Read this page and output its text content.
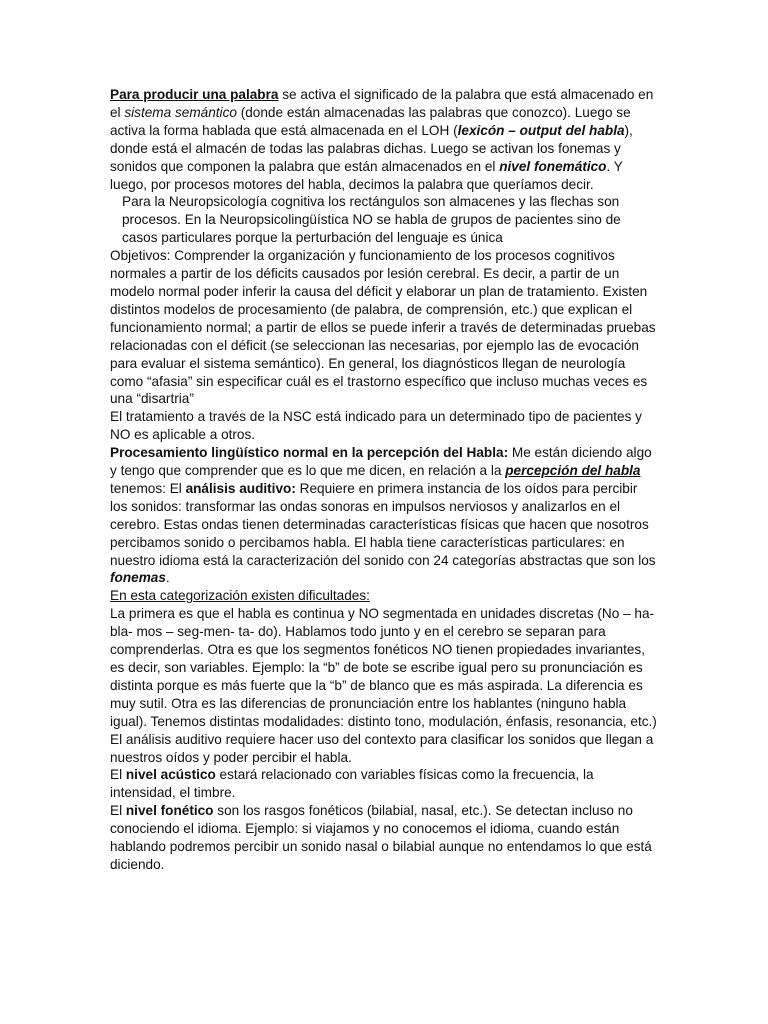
Para producir una palabra se activa el significado de la palabra que está almacenado en el sistema semántico (donde están almacenadas las palabras que conozco). Luego se activa la forma hablada que está almacenada en el LOH (lexicón – output del habla), donde está el almacén de todas las palabras dichas. Luego se activan los fonemas y sonidos que componen la palabra que están almacenados en el nivel fonemático. Y luego, por procesos motores del habla, decimos la palabra que queríamos decir.

Para la Neuropsicología cognitiva los rectángulos son almacenes y las flechas son procesos. En la Neuropsicolingüística NO se habla de grupos de pacientes sino de casos particulares porque la perturbación del lenguaje es única

Objetivos: Comprender la organización y funcionamiento de los procesos cognitivos normales a partir de los déficits causados por lesión cerebral. Es decir, a partir de un modelo normal poder inferir la causa del déficit y elaborar un plan de tratamiento. Existen distintos modelos de procesamiento (de palabra, de comprensión, etc.) que explican el funcionamiento normal; a partir de ellos se puede inferir a través de determinadas pruebas relacionadas con el déficit (se seleccionan las necesarias, por ejemplo las de evocación para evaluar el sistema semántico). En general, los diagnósticos llegan de neurología como “afasia” sin especificar cuál es el trastorno específico que incluso muchas veces es una “disartria”

El tratamiento a través de la NSC está indicado para un determinado tipo de pacientes y NO es aplicable a otros.

Procesamiento lingüístico normal en la percepción del Habla: Me están diciendo algo y tengo que comprender que es lo que me dicen, en relación a la percepción del habla tenemos: El análisis auditivo: Requiere en primera instancia de los oídos para percibir los sonidos: transformar las ondas sonoras en impulsos nerviosos y analizarlos en el cerebro. Estas ondas tienen determinadas características físicas que hacen que nosotros percibamos sonido o percibamos habla. El habla tiene características particulares: en nuestro idioma está la caracterización del sonido con 24 categorías abstractas que son los fonemas.

En esta categorización existen dificultades:

La primera es que el habla es continua y NO segmentada en unidades discretas (No – ha- bla- mos – seg-men- ta- do). Hablamos todo junto y en el cerebro se separan para comprenderlas. Otra es que los segmentos fonéticos NO tienen propiedades invariantes, es decir, son variables. Ejemplo: la “b” de bote se escribe igual pero su pronunciación es distinta porque es más fuerte que la “b” de blanco que es más aspirada. La diferencia es muy sutil. Otra es las diferencias de pronunciación entre los hablantes (ninguno habla igual). Tenemos distintas modalidades: distinto tono, modulación, énfasis, resonancia, etc.)

El análisis auditivo requiere hacer uso del contexto para clasificar los sonidos que llegan a nuestros oídos y poder percibir el habla.

El nivel acústico estará relacionado con variables físicas como la frecuencia, la intensidad, el timbre.

El nivel fonético son los rasgos fonéticos (bilabial, nasal, etc.). Se detectan incluso no conociendo el idioma. Ejemplo: si viajamos y no conocemos el idioma, cuando están hablando podremos percibir un sonido nasal o bilabial aunque no entendamos lo que está diciendo.
